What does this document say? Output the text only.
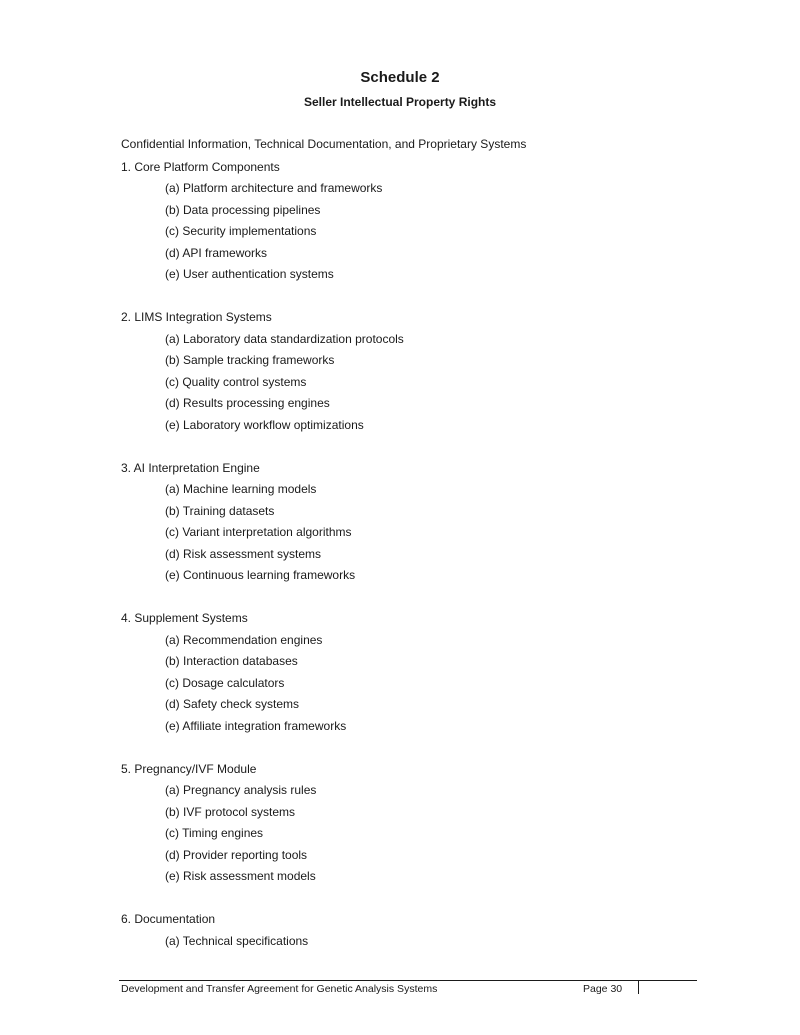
Schedule 2
Seller Intellectual Property Rights
Confidential Information, Technical Documentation, and Proprietary Systems
1. Core Platform Components
(a) Platform architecture and frameworks
(b) Data processing pipelines
(c) Security implementations
(d) API frameworks
(e) User authentication systems
2. LIMS Integration Systems
(a) Laboratory data standardization protocols
(b) Sample tracking frameworks
(c) Quality control systems
(d) Results processing engines
(e) Laboratory workflow optimizations
3. AI Interpretation Engine
(a) Machine learning models
(b) Training datasets
(c) Variant interpretation algorithms
(d) Risk assessment systems
(e) Continuous learning frameworks
4. Supplement Systems
(a) Recommendation engines
(b) Interaction databases
(c) Dosage calculators
(d) Safety check systems
(e) Affiliate integration frameworks
5. Pregnancy/IVF Module
(a) Pregnancy analysis rules
(b) IVF protocol systems
(c) Timing engines
(d) Provider reporting tools
(e) Risk assessment models
6. Documentation
(a) Technical specifications
Development and Transfer Agreement for Genetic Analysis Systems	Page 30
